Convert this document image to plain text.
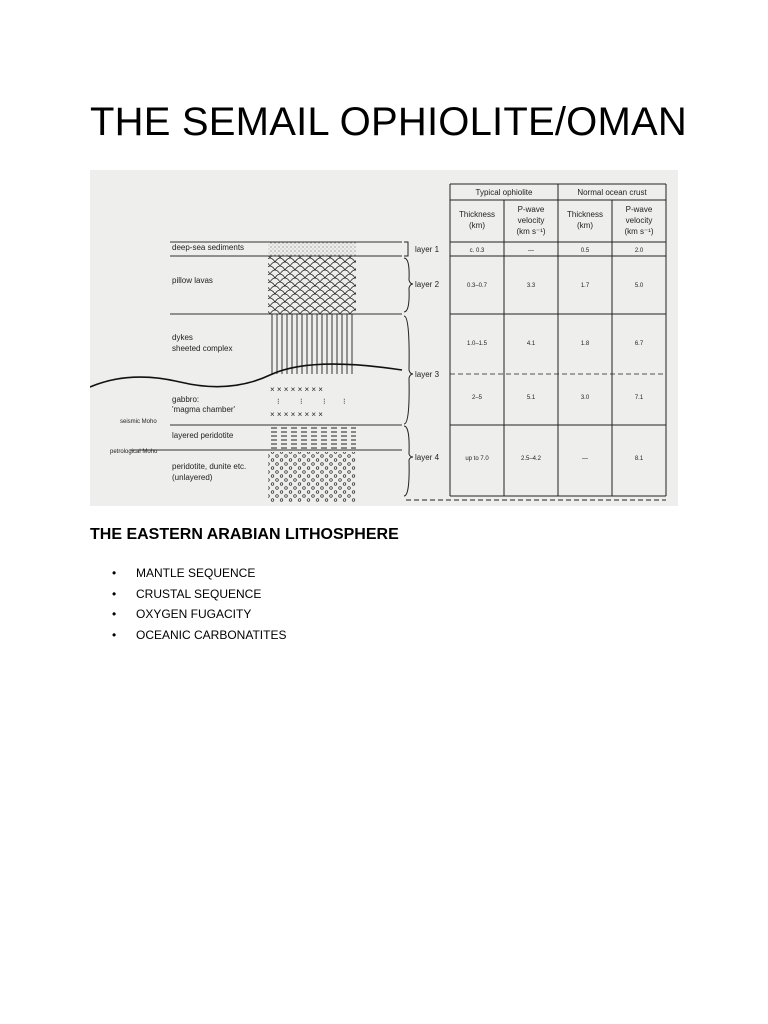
THE SEMAIL OPHIOLITE/OMAN
× × × × × × × ×
× × × × × × × ×
⁝	⁝	⁝ ⁝
deep-sea sediments
pillow lavas
dykes
sheeted complex
gabbro:
'magma chamber'
seismic Moho
layered peridotite
petrological Moho
peridotite, dunite etc.
(unlayered)
layer 1
layer 2
layer 3
layer 4
Typical ophiolite	Normal ocean crust
Thickness
(km)
P-wave
velocity
(km s⁻¹)
Thickness
(km)
P-wave
velocity
(km s⁻¹)
c. 0.3	—	0.5	2.0
0.3–0.7	3.3	1.7	5.0
1.0–1.5	4.1	1.8	6.7
2–5	5.1	3.0	7.1
up to 7.0	2.5–4.2	—	8.1
THE EASTERN ARABIAN LITHOSPHERE
• MANTLE SEQUENCE
• CRUSTAL SEQUENCE
• OXYGEN FUGACITY
• OCEANIC CARBONATITES
